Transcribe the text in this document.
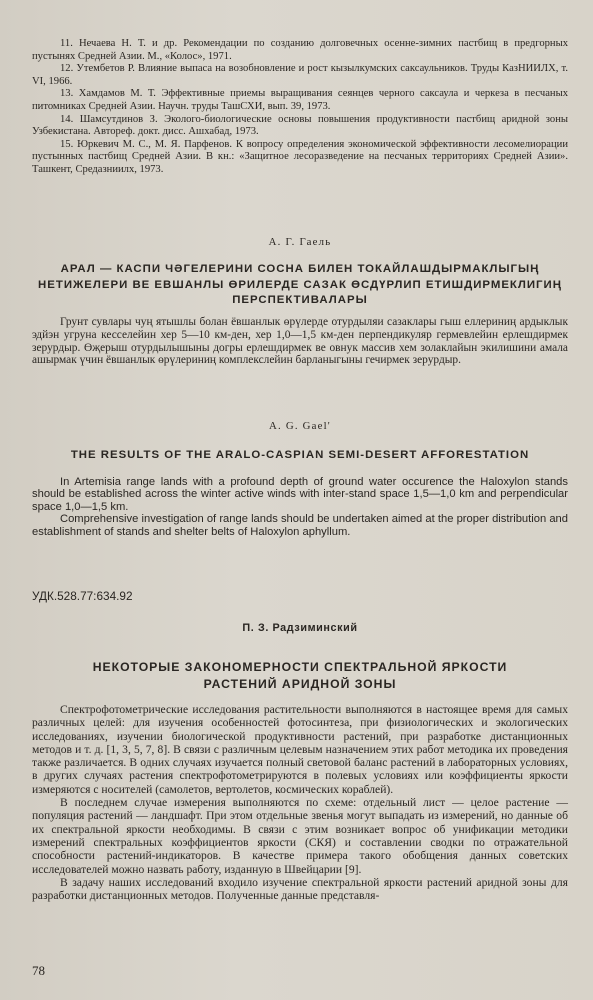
11. Нечаева Н. Т. и др. Рекомендации по созданию долговечных осенне-зимних пастбищ в предгорных пустынях Средней Азии. М., «Колос», 1971.

12. Утембетов Р. Влияние выпаса на возобновление и рост кызылкумских саксаульников. Труды КазНИИЛХ, т. VI, 1966.

13. Хамдамов М. Т. Эффективные приемы выращивания сеянцев черного саксаула и черкеза в песчаных питомниках Средней Азии. Научн. труды ТашСХИ, вып. 39, 1973.

14. Шамсутдинов З. Эколого-биологические основы повышения продуктивности пастбищ аридной зоны Узбекистана. Автореф. докт. дисс. Ашхабад, 1973.

15. Юркевич М. С., М. Я. Парфенов. К вопросу определения экономической эффективности лесомелиорации пустынных пастбищ Средней Азии. В кн.: «Защитное лесоразведение на песчаных территориях Средней Азии». Ташкент, Средазниилх, 1973.

А. Г. Гаель
АРАЛ — КАСПИ ЧӘГЕЛЕРИНИ СОСНА БИЛЕН ТОКАЙЛАШДЫРМАКЛЫГЫҢ НЕТИЖЕЛЕРИ ВЕ ЕВШАНЛЫ ӨРИЛЕРДЕ САЗАК ӨСДҮРЛИП ЕТИШДИРМЕКЛИГИҢ ПЕРСПЕКТИВАЛАРЫ

Грунт сувлары чуң ятышлы болан ёвшанлык өрүлерде отурдыляи сазаклары гыш еллериниң ардыклык эдйэн угруна кесселейин хер 5—10 км-ден, хер 1,0—1,5 км-ден перпендикуляр гермевлейин ерлешдирмек зерурдыр. Өҗерыш отурдылышыны догры ерлешдирмек ве овнук массив хем золаклайын экилишини амала ашырмак үчин ёвшанлык өрүлериниң комплекслейин барланыгыны гечирмек зерурдыр.

A. G. Gael'
THE RESULTS OF THE ARALO-CASPIAN SEMI-DESERT AFFORESTATION

In Artemisia range lands with a profound depth of ground water occurence the Haloxylon stands should be established across the winter active winds with inter-stand space 1,5—1,0 km and perpendicular space 1,0—1,5 km.

Comprehensive investigation of range lands should be undertaken aimed at the proper distribution and establishment of stands and shelter belts of Haloxylon aphyllum.

УДК.528.77:634.92
П. З. Радзиминский
НЕКОТОРЫЕ ЗАКОНОМЕРНОСТИ СПЕКТРАЛЬНОЙ ЯРКОСТИ
РАСТЕНИЙ АРИДНОЙ ЗОНЫ

Спектрофотометрические исследования растительности выполняются в настоящее время для самых различных целей: для изучения особенностей фотосинтеза, при физиологических и экологических исследованиях, изучении биологической продуктивности растений, при разработке дистанционных методов и т. д. [1, 3, 5, 7, 8]. В связи с различным целевым назначением этих работ методика их проведения также различается. В одних случаях изучается полный световой баланс растений в лабораторных условиях, в других случаях растения спектрофотометрируются в полевых условиях или коэффициенты яркости измеряются с носителей (самолетов, вертолетов, космических кораблей).

В последнем случае измерения выполняются по схеме: отдельный лист — целое растение — популяция растений — ландшафт. При этом отдельные звенья могут выпадать из измерений, но данные об их спектральной яркости необходимы. В связи с этим возникает вопрос об унификации методики измерений спектральных коэффициентов яркости (СКЯ) и составлении сводки по отражательной способности растений-индикаторов. В качестве примера такого обобщения данных советских исследователей можно назвать работу, изданную в Швейцарии [9].

В задачу наших исследований входило изучение спектральной яркости растений аридной зоны для разработки дистанционных методов. Полученные данные представля-

78
